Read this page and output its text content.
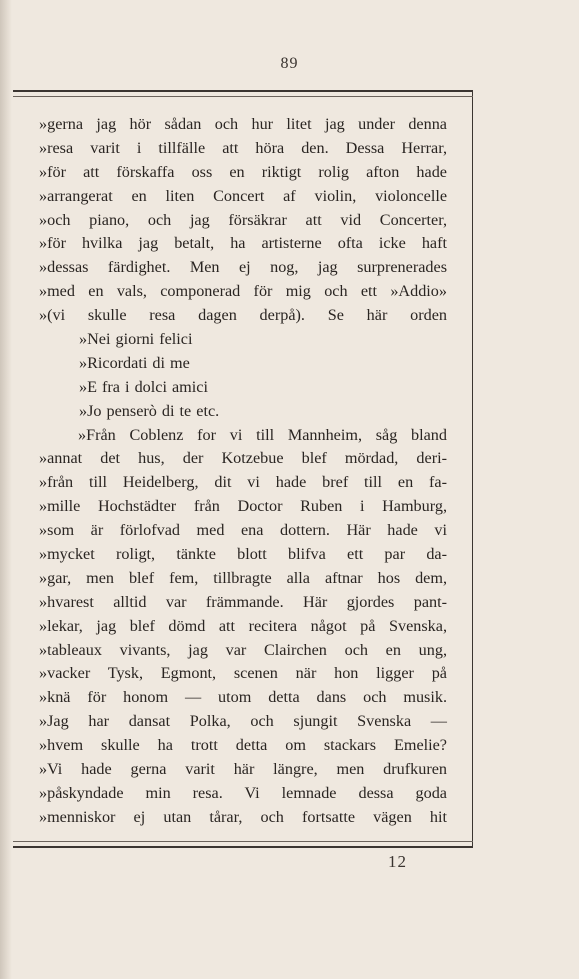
89
»gerna jag hör sådan och hur litet jag under denna
»resa varit i tillfälle att höra den. Dessa Herrar,
»för att förskaffa oss en riktigt rolig afton hade
»arrangerat en liten Concert af violin, violoncelle
»och piano, och jag försäkrar att vid Concerter,
»för hvilka jag betalt, ha artisterne ofta icke haft
»dessas färdighet. Men ej nog, jag surprenerades
»med en vals, componerad för mig och ett »Addio»
»(vi skulle resa dagen derpå). Se här orden
»Nei giorni felici
»Ricordati di me
»E fra i dolci amici
»Jo penserò di te etc.
»Från Coblenz for vi till Mannheim, såg bland
»annat det hus, der Kotzebue blef mördad, deri-
»från till Heidelberg, dit vi hade bref till en fa-
»mille Hochstädter från Doctor Ruben i Hamburg,
»som är förlofvad med ena dottern. Här hade vi
»mycket roligt, tänkte blott blifva ett par da-
»gar, men blef fem, tillbragte alla aftnar hos dem,
»hvarest alltid var främmande. Här gjordes pant-
»lekar, jag blef dömd att recitera något på Svenska,
»tableaux vivants, jag var Clairchen och en ung,
»vacker Tysk, Egmont, scenen när hon ligger på
»knä för honom — utom detta dans och musik.
»Jag har dansat Polka, och sjungit Svenska —
»hvem skulle ha trott detta om stackars Emelie?
»Vi hade gerna varit här längre, men drufkuren
»påskyndade min resa. Vi lemnade dessa goda
»menniskor ej utan tårar, och fortsatte vägen hit
12
